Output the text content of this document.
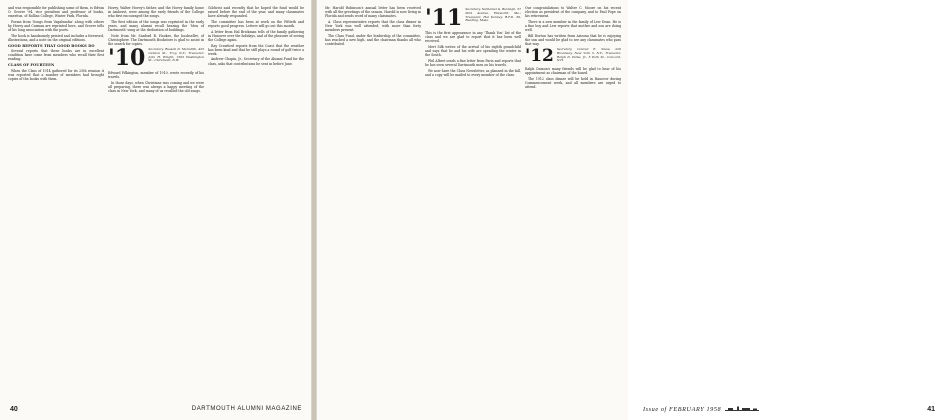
and was responsible for publishing some of them, is Edwin O. Grover '94, vice president and professor of books, emeritus, of Rollins College, Winter Park, Florida.

Poems from 'Songs from Vagabondia' along with others by Hovey and Carman are reprinted here, and Grover tells of his long association with the poets.

The book is handsomely printed and includes a foreword, illustrations, and a note on the original editions.

GOOD REPORTS THAT GOOD BOOKS DO

Several reports that these books are in excellent condition have come from members who recall their first reading.

CLASS OF FOURTEEN

When the Class of 1914 gathered for its 25th reunion it was reported that a number of members had brought copies of the books with them.

Hovey, Walter Hovey's father, and the Hovey family home in Amherst, were among the early friends of the College who first encouraged the songs.

The first edition of the songs was reprinted in the early years, and many alumni recall hearing the 'Men of Dartmouth' sung at the dedication of buildings.

Note from Mr. Sanford B. Hooker, the bookseller, of Christopherr. The Dartmouth Bookstore is glad to assist in the search for copies.

'10 Secretary, Russell D. Meredith, 425 Cannon St., Troy, N.Y.; Treasurer, John H. Wright, 1503 Washington St., Claremont, N.H.

Edward Pilkington, member of 1910, wrote recently of his travels.

In those days, when Christmas was coming and we were all preparing, there was always a happy meeting of the class in New York, and many of us recalled the old songs.

Gilchrist said recently that he hoped the fund would be raised before the end of the year, and many classmates have already responded.

The committee has been at work on the Fiftieth and reports good progress. Letters will go out this month.

A letter from Hal Brickman tells of the family gathering in Hanover over the holidays, and of the pleasure of seeing the College again.

Ray Crawford reports from the Coast that the weather has been kind and that he still plays a round of golf twice a week.

Andrew Chapin, Jr., Secretary of the Alumni Fund for the class, asks that contributions be sent in before June.

40	DARTMOUTH ALUMNI MAGAZINE

Mr. Harold Robinson's annual letter has been received with all the greetings of the season. Harold is now living in Florida and sends word of many classmates.

A. Class representative reports that the class dinner in New York was well attended, with more than forty members present.

The Class Fund, under the leadership of the committee, has reached a new high, and the chairman thanks all who contributed.

'11 Secretary, Nathaniel G. Burleigh, 37 Park Avenue, Ellsworth, Me.; Treasurer, Hal Kenney, R.F.D. 39, Reading, Mass.

This is the first appearance in any 'Thank You' list of the class and we are glad to report that it has been well received.

Mert Silk writes of the arrival of his eighth grandchild and says that he and his wife are spending the winter in the South.

Phil Albert sends a fine letter from Paris and reports that he has seen several Dartmouth men on his travels.

We now have the Class Newsletter, as planned in the fall, and a copy will be mailed to every member of the class.

Our congratulations to Walter C. Moore on his recent election as president of the company, and to Paul Pope on his retirement.

There is a new member in the family of Lew Dean. He is a fine boy and Lew reports that mother and son are doing well.

Bill Horton has written from Arizona that he is enjoying the sun and would be glad to see any classmates who pass that way.

'12 Secretary, Conrad E. Snow, 220 Broadway, New York 3, N.Y.; Treasurer, Ralph D. Paine, Jr., 5 Park St., Concord, N.H.

Ralph Damon's many friends will be glad to hear of his appointment as chairman of the board.

The 1912 class dinner will be held in Hanover during Commencement week, and all members are urged to attend.

Issue of FEBRUARY 1958	41
